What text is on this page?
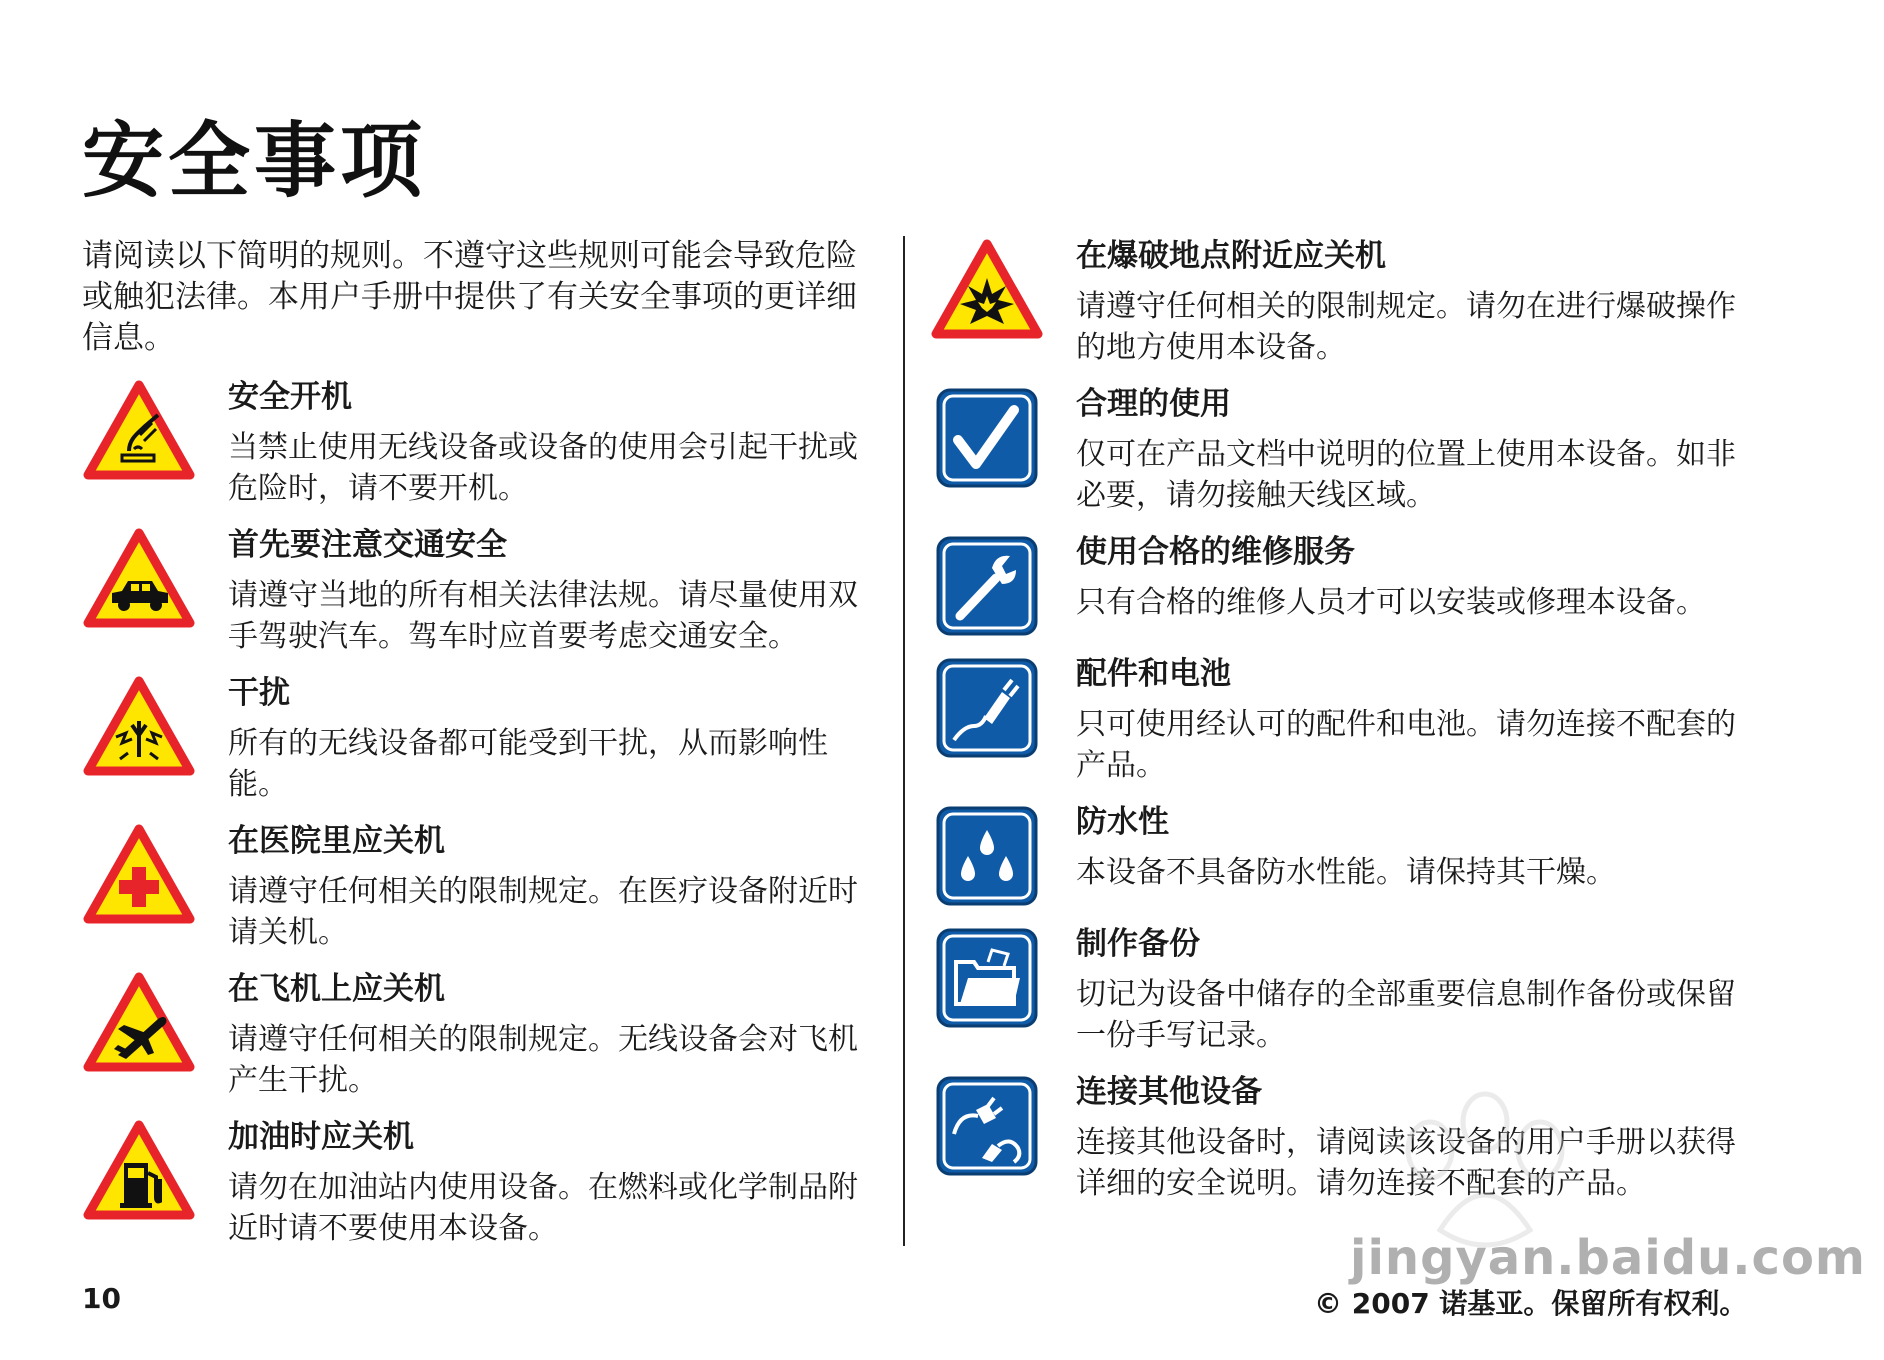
安全事项

请阅读以下简明的规则。不遵守这些规则可能会导致危险或触犯法律。本用户手册中提供了有关安全事项的更详细信息。

安全开机
当禁止使用无线设备或设备的使用会引起干扰或危险时，请不要开机。
首先要注意交通安全
请遵守当地的所有相关法律法规。请尽量使用双手驾驶汽车。驾车时应首要考虑交通安全。
干扰
所有的无线设备都可能受到干扰，从而影响性能。
在医院里应关机
请遵守任何相关的限制规定。在医疗设备附近时请关机。
在飞机上应关机
请遵守任何相关的限制规定。无线设备会对飞机产生干扰。
加油时应关机
请勿在加油站内使用设备。在燃料或化学制品附近时请不要使用本设备。
在爆破地点附近应关机
请遵守任何相关的限制规定。请勿在进行爆破操作的地方使用本设备。
合理的使用
仅可在产品文档中说明的位置上使用本设备。如非必要，请勿接触天线区域。
使用合格的维修服务
只有合格的维修人员才可以安装或修理本设备。
配件和电池
只可使用经认可的配件和电池。请勿连接不配套的产品。
防水性
本设备不具备防水性能。请保持其干燥。
制作备份
切记为设备中储存的全部重要信息制作备份或保留一份手写记录。
连接其他设备
连接其他设备时，请阅读该设备的用户手册以获得详细的安全说明。请勿连接不配套的产品。
10	© 2007 诺基亚。保留所有权利。
jingyan.baidu.com
